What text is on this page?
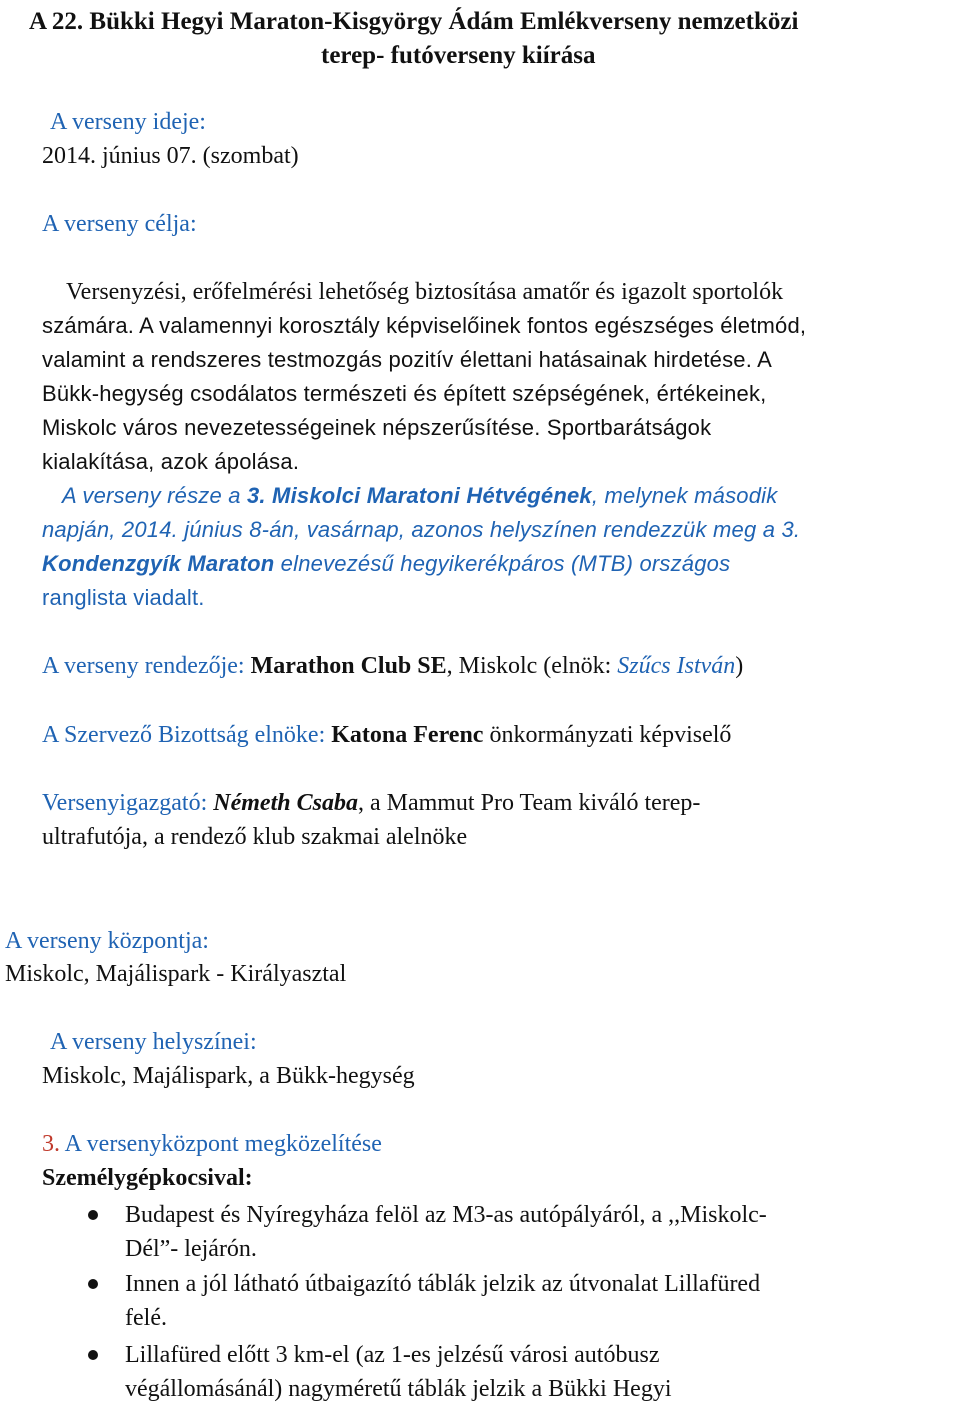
A 22. Bükki Hegyi Maraton-Kisgyörgy Ádám Emlékverseny nemzetközi
terep- futóverseny kiírása
A verseny ideje:
2014. június 07. (szombat)
A verseny célja:
Versenyzési, erőfelmérési lehetőség biztosítása amatőr és igazolt sportolók
számára. A valamennyi korosztály képviselőinek fontos egészséges életmód,
valamint a rendszeres testmozgás pozitív élettani hatásainak hirdetése. A
Bükk-hegység csodálatos természeti és épített szépségének, értékeinek,
Miskolc város nevezetességeinek népszerűsítése. Sportbarátságok
kialakítása, azok ápolása.
A verseny része a 3. Miskolci Maratoni Hétvégének, melynek második
napján, 2014. június 8-án, vasárnap, azonos helyszínen rendezzük meg a 3.
Kondenzgyík Maraton elnevezésű hegyikerékpáros (MTB) országos
ranglista viadalt.
A verseny rendezője: Marathon Club SE, Miskolc (elnök: Szűcs István)
A Szervező Bizottság elnöke: Katona Ferenc önkormányzati képviselő
Versenyigazgató: Németh Csaba, a Mammut Pro Team kiváló terep-
ultrafutója, a rendező klub szakmai alelnöke
A verseny központja:
Miskolc, Majálispark - Királyasztal
A verseny helyszínei:
Miskolc, Majálispark, a Bükk-hegység
3. A versenyközpont megközelítése
Személygépkocsival:
Budapest és Nyíregyháza felöl az M3-as autópályáról, a ,,Miskolc-
Dél”- lejárón.
Innen a jól látható útbaigazító táblák jelzik az útvonalat Lillafüred
felé.
Lillafüred előtt 3 km-el (az 1-es jelzésű városi autóbusz
végállomásánál) nagyméretű táblák jelzik a Bükki Hegyi
